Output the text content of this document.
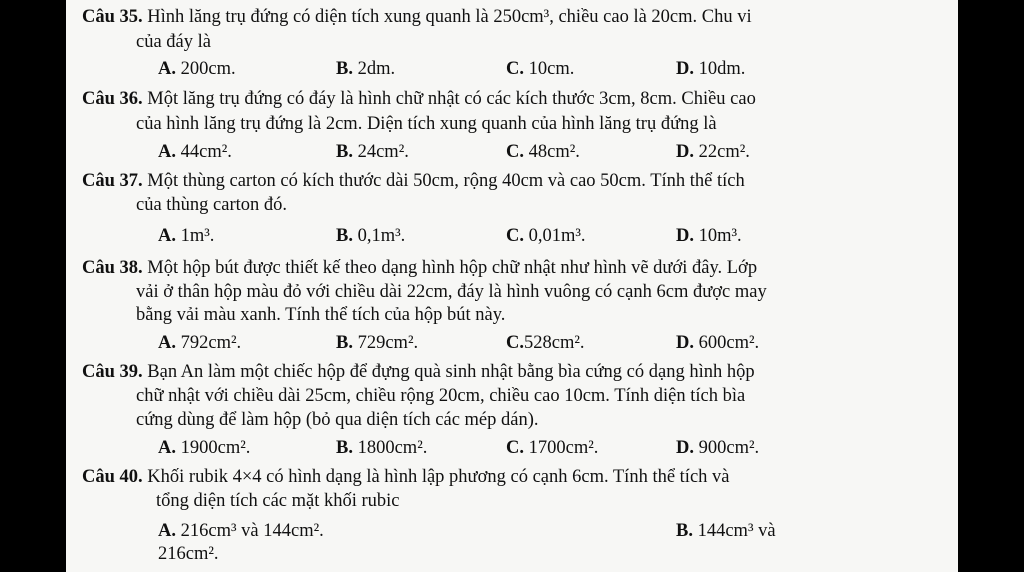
Câu 35. Hình lăng trụ đứng có diện tích xung quanh là 250cm³, chiều cao là 20cm. Chu vi
của đáy là
A. 200cm.	B. 2dm.	C. 10cm.	D. 10dm.
Câu 36. Một lăng trụ đứng có đáy là hình chữ nhật có các kích thước 3cm, 8cm. Chiều cao
của hình lăng trụ đứng là 2cm. Diện tích xung quanh của hình lăng trụ đứng là
A. 44cm².	B. 24cm².	C. 48cm².	D. 22cm².
Câu 37. Một thùng carton có kích thước dài 50cm, rộng 40cm và cao 50cm. Tính thể tích
của thùng carton đó.
A. 1m³.	B. 0,1m³.	C. 0,01m³.	D. 10m³.
Câu 38. Một hộp bút được thiết kế theo dạng hình hộp chữ nhật như hình vẽ dưới đây. Lớp
vải ở thân hộp màu đỏ với chiều dài 22cm, đáy là hình vuông có cạnh 6cm được may
bằng vải màu xanh. Tính thể tích của hộp bút này.
A. 792cm².	B. 729cm².	C.528cm².	D. 600cm².
Câu 39. Bạn An làm một chiếc hộp để đựng quà sinh nhật bằng bìa cứng có dạng hình hộp
chữ nhật với chiều dài 25cm, chiều rộng 20cm, chiều cao 10cm. Tính diện tích bìa
cứng dùng để làm hộp (bỏ qua diện tích các mép dán).
A. 1900cm².	B. 1800cm².	C. 1700cm².	D. 900cm².
Câu 40. Khối rubik 4×4 có hình dạng là hình lập phương có cạnh 6cm. Tính thể tích và
tổng diện tích các mặt khối rubic
A. 216cm³ và 144cm².	B. 144cm³ và
216cm².
